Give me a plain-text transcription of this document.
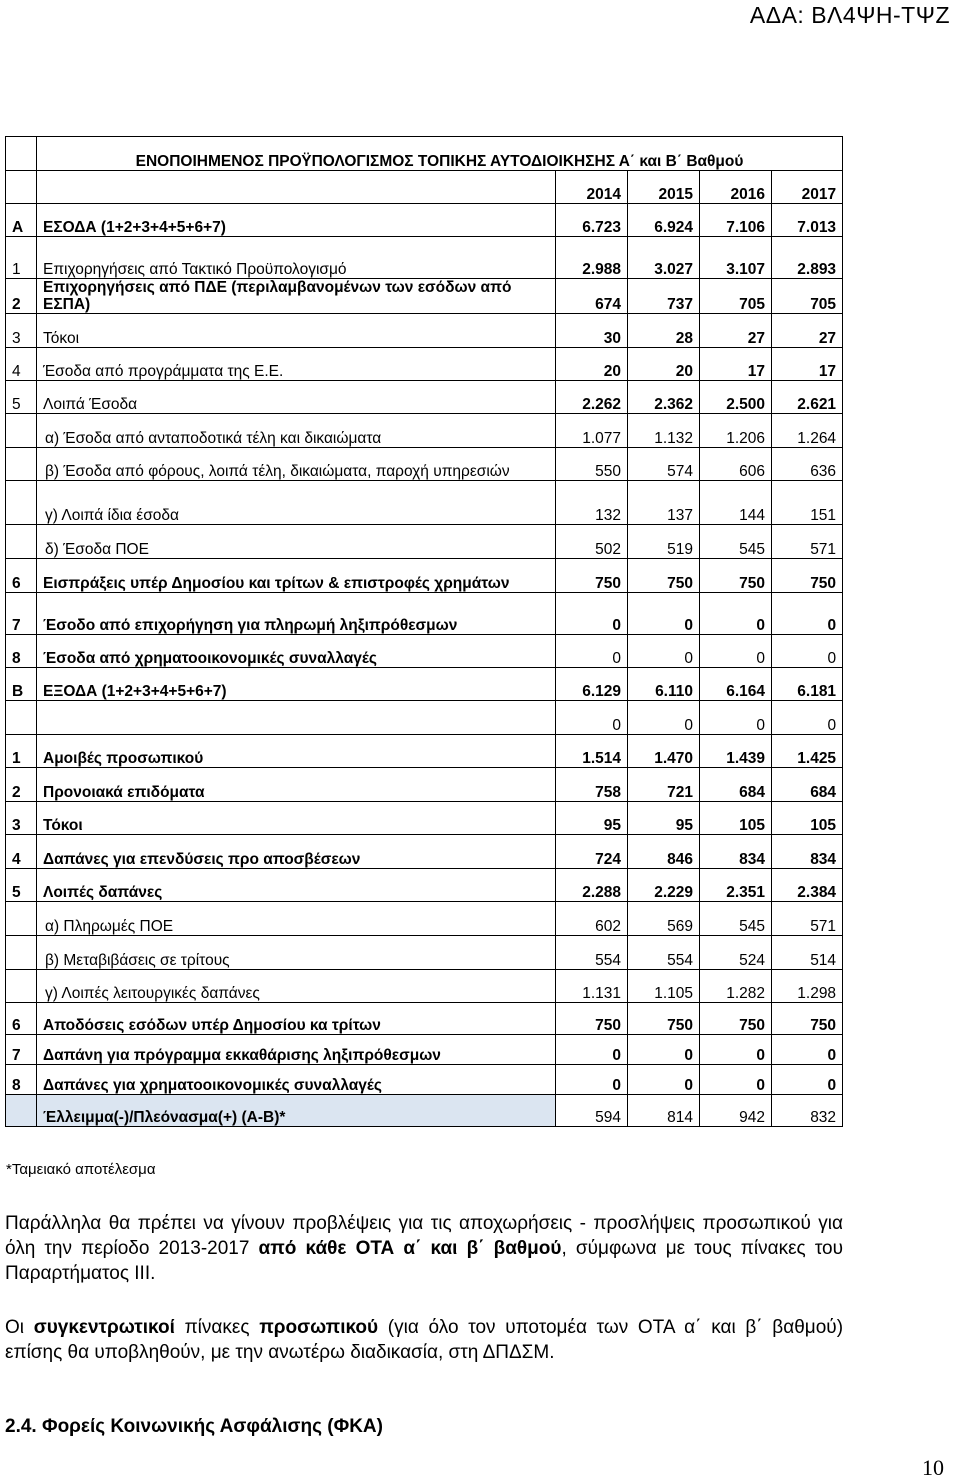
ΑΔΑ: ΒΛ4ΨΗ-ΤΨΖ
	ΕΝΟΠΟΙΗΜΕΝΟΣ ΠΡΟΫΠΟΛΟΓΙΣΜΟΣ ΤΟΠΙΚΗΣ ΑΥΤΟΔΙΟΙΚΗΣΗΣ Α΄ και Β΄ Βαθμού				
		2014	2015	2016	2017
Α	ΕΣΟΔΑ (1+2+3+4+5+6+7)	6.723	6.924	7.106	7.013
1	Επιχορηγήσεις από Τακτικό Προϋπολογισμό	2.988	3.027	3.107	2.893
2	Επιχορηγήσεις από ΠΔΕ (περιλαμβανομένων των εσόδων από ΕΣΠΑ)	674	737	705	705
3	Τόκοι	30	28	27	27
4	Έσοδα από προγράμματα της Ε.Ε.	20	20	17	17
5	Λοιπά Έσοδα	2.262	2.362	2.500	2.621
	α) Έσοδα από ανταποδοτικά τέλη και δικαιώματα	1.077	1.132	1.206	1.264
	β) Έσοδα από φόρους, λοιπά τέλη, δικαιώματα, παροχή υπηρεσιών	550	574	606	636
	γ) Λοιπά ίδια έσοδα	132	137	144	151
	δ) Έσοδα ΠΟΕ	502	519	545	571
6	Εισπράξεις υπέρ Δημοσίου και τρίτων & επιστροφές χρημάτων	750	750	750	750
7	Έσοδο από επιχορήγηση για πληρωμή ληξιπρόθεσμων	0	0	0	0
8	Έσοδα από χρηματοοικονομικές συναλλαγές	0	0	0	0
Β	ΕΞΟΔΑ (1+2+3+4+5+6+7)	6.129	6.110	6.164	6.181
		0	0	0	0
1	Αμοιβές προσωπικού	1.514	1.470	1.439	1.425
2	Προνοιακά επιδόματα	758	721	684	684
3	Τόκοι	95	95	105	105
4	Δαπάνες για επενδύσεις προ αποσβέσεων	724	846	834	834
5	Λοιπές δαπάνες	2.288	2.229	2.351	2.384
	α) Πληρωμές ΠΟΕ	602	569	545	571
	β) Μεταβιβάσεις σε τρίτους	554	554	524	514
	γ) Λοιπές λειτουργικές δαπάνες	1.131	1.105	1.282	1.298
6	Αποδόσεις εσόδων υπέρ Δημοσίου κα τρίτων	750	750	750	750
7	Δαπάνη για πρόγραμμα εκκαθάρισης ληξιπρόθεσμων	0	0	0	0
8	Δαπάνες για χρηματοοικονομικές συναλλαγές	0	0	0	0
	Έλλειμμα(-)/Πλεόνασμα(+) (Α-Β)*	594	814	942	832
*Ταμειακό αποτέλεσμα
Παράλληλα θα πρέπει να γίνουν προβλέψεις για τις αποχωρήσεις - προσλήψεις προσωπικού για όλη την περίοδο 2013-2017 από κάθε ΟΤΑ α΄ και β΄ βαθμού, σύμφωνα με τους πίνακες του Παραρτήματος ΙΙΙ.
Οι συγκεντρωτικοί πίνακες προσωπικού (για όλο τον υποτομέα των ΟΤΑ α΄ και β΄ βαθμού) επίσης θα υποβληθούν, με την ανωτέρω διαδικασία, στη ΔΠΔΣΜ.
2.4. Φορείς Κοινωνικής Ασφάλισης (ΦΚΑ)
10
